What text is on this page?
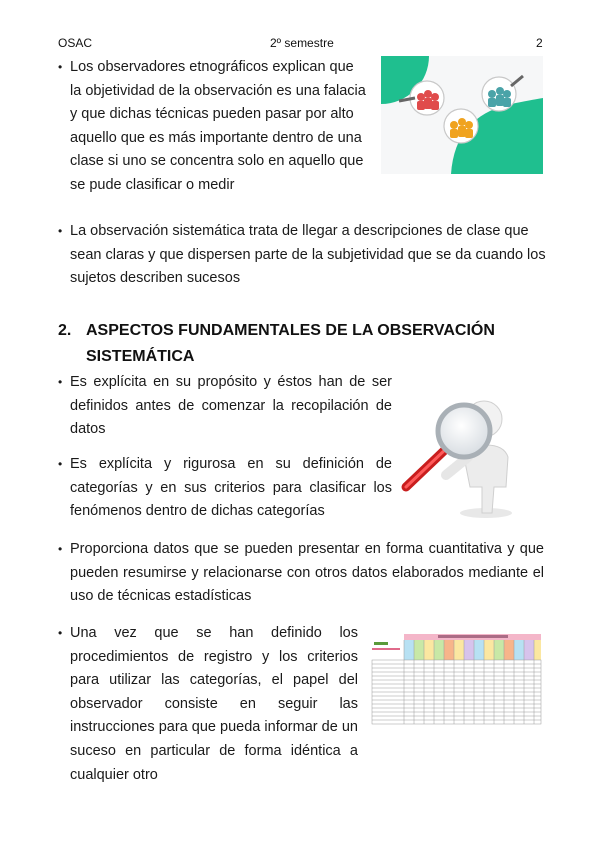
OSAC	2º semestre	2
• Los observadores etnográficos explican que la objetividad de la observación es una falacia y que dichas técnicas pueden pasar por alto aquello que es más importante dentro de una clase si uno se concentra solo en aquello que se pude clasificar o medir
• La observación sistemática trata de llegar a descripciones de clase que sean claras y que dispersen parte de la subjetividad que se da cuando los sujetos describen sucesos
2. ASPECTOS FUNDAMENTALES DE LA OBSERVACIÓN SISTEMÁTICA
• Es explícita en su propósito y éstos han de ser definidos antes de comenzar la recopilación de datos
• Es explícita y rigurosa en su definición de categorías y en sus criterios para clasificar los fenómenos dentro de dichas categorías
• Proporciona datos que se pueden presentar en forma cuantitativa y que pueden resumirse y relacionarse con otros datos elaborados mediante el uso de técnicas estadísticas
• Una vez que se han definido los procedimientos de registro y los criterios para utilizar las categorías, el papel del observador consiste en seguir las instrucciones para que pueda informar de un suceso en particular de forma idéntica a cualquier otro
